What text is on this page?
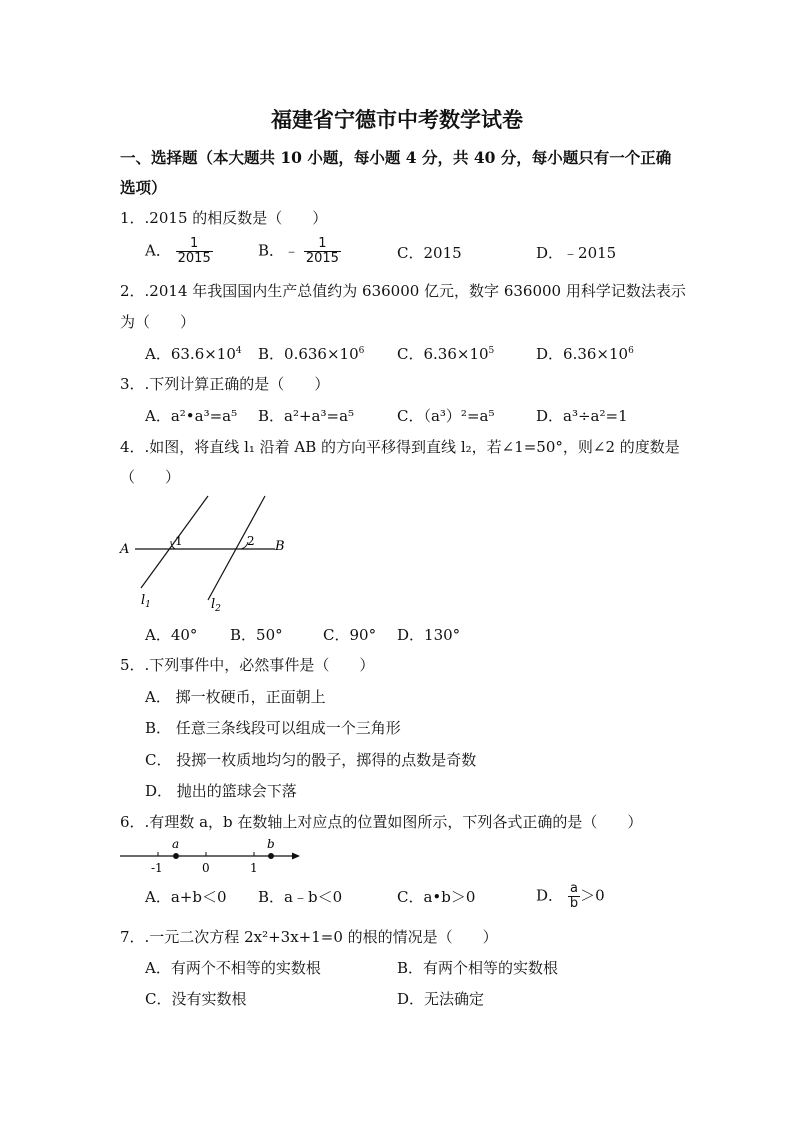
福建省宁德市中考数学试卷
一、选择题（本大题共 10 小题，每小题 4 分，共 40 分，每小题只有一个正确
选项）
1．.2015 的相反数是（　　）
A． $\frac{1}{2015}$	B．﹣ $\frac{1}{2015}$	C．2015	D．﹣2015
2．.2014 年我国国内生产总值约为 636000 亿元，数字 636000 用科学记数法表示
为（　　）
A．$63.6\times 10^4$ B．$0.636\times 10^6$ C．$6.36\times 10^5$	D．$6.36\times 10^6$
3．.下列计算正确的是（　　）
A．a²•a³=a⁵ B．a²+a³=a⁵	C．（a³）²=a⁵	D．a³÷a²=1
4．.如图，将直线 l₁ 沿着 AB 的方向平移得到直线 l₂，若∠1=50°，则∠2 的度数是
（　　）
A	B
1	2
$l_1$	$l_2$
A．40° B．50°	C．90° D．130°
5．.下列事件中，必然事件是（　　）
A． 掷一枚硬币，正面朝上
B． 任意三条线段可以组成一个三角形
C． 投掷一枚质地均匀的骰子，掷得的点数是奇数
D． 抛出的篮球会下落
6．.有理数 a，b 在数轴上对应点的位置如图所示，下列各式正确的是（　　）
a	b
-1	0	1
A．a+b＜0 B．a﹣b＜0	C．a•b＞0	D． $\frac{a}{b} >0$
7．.一元二次方程 2x²+3x+1=0 的根的情况是（　　）
A．有两个不相等的实数根	B．有两个相等的实数根
C．没有实数根	D．无法确定
